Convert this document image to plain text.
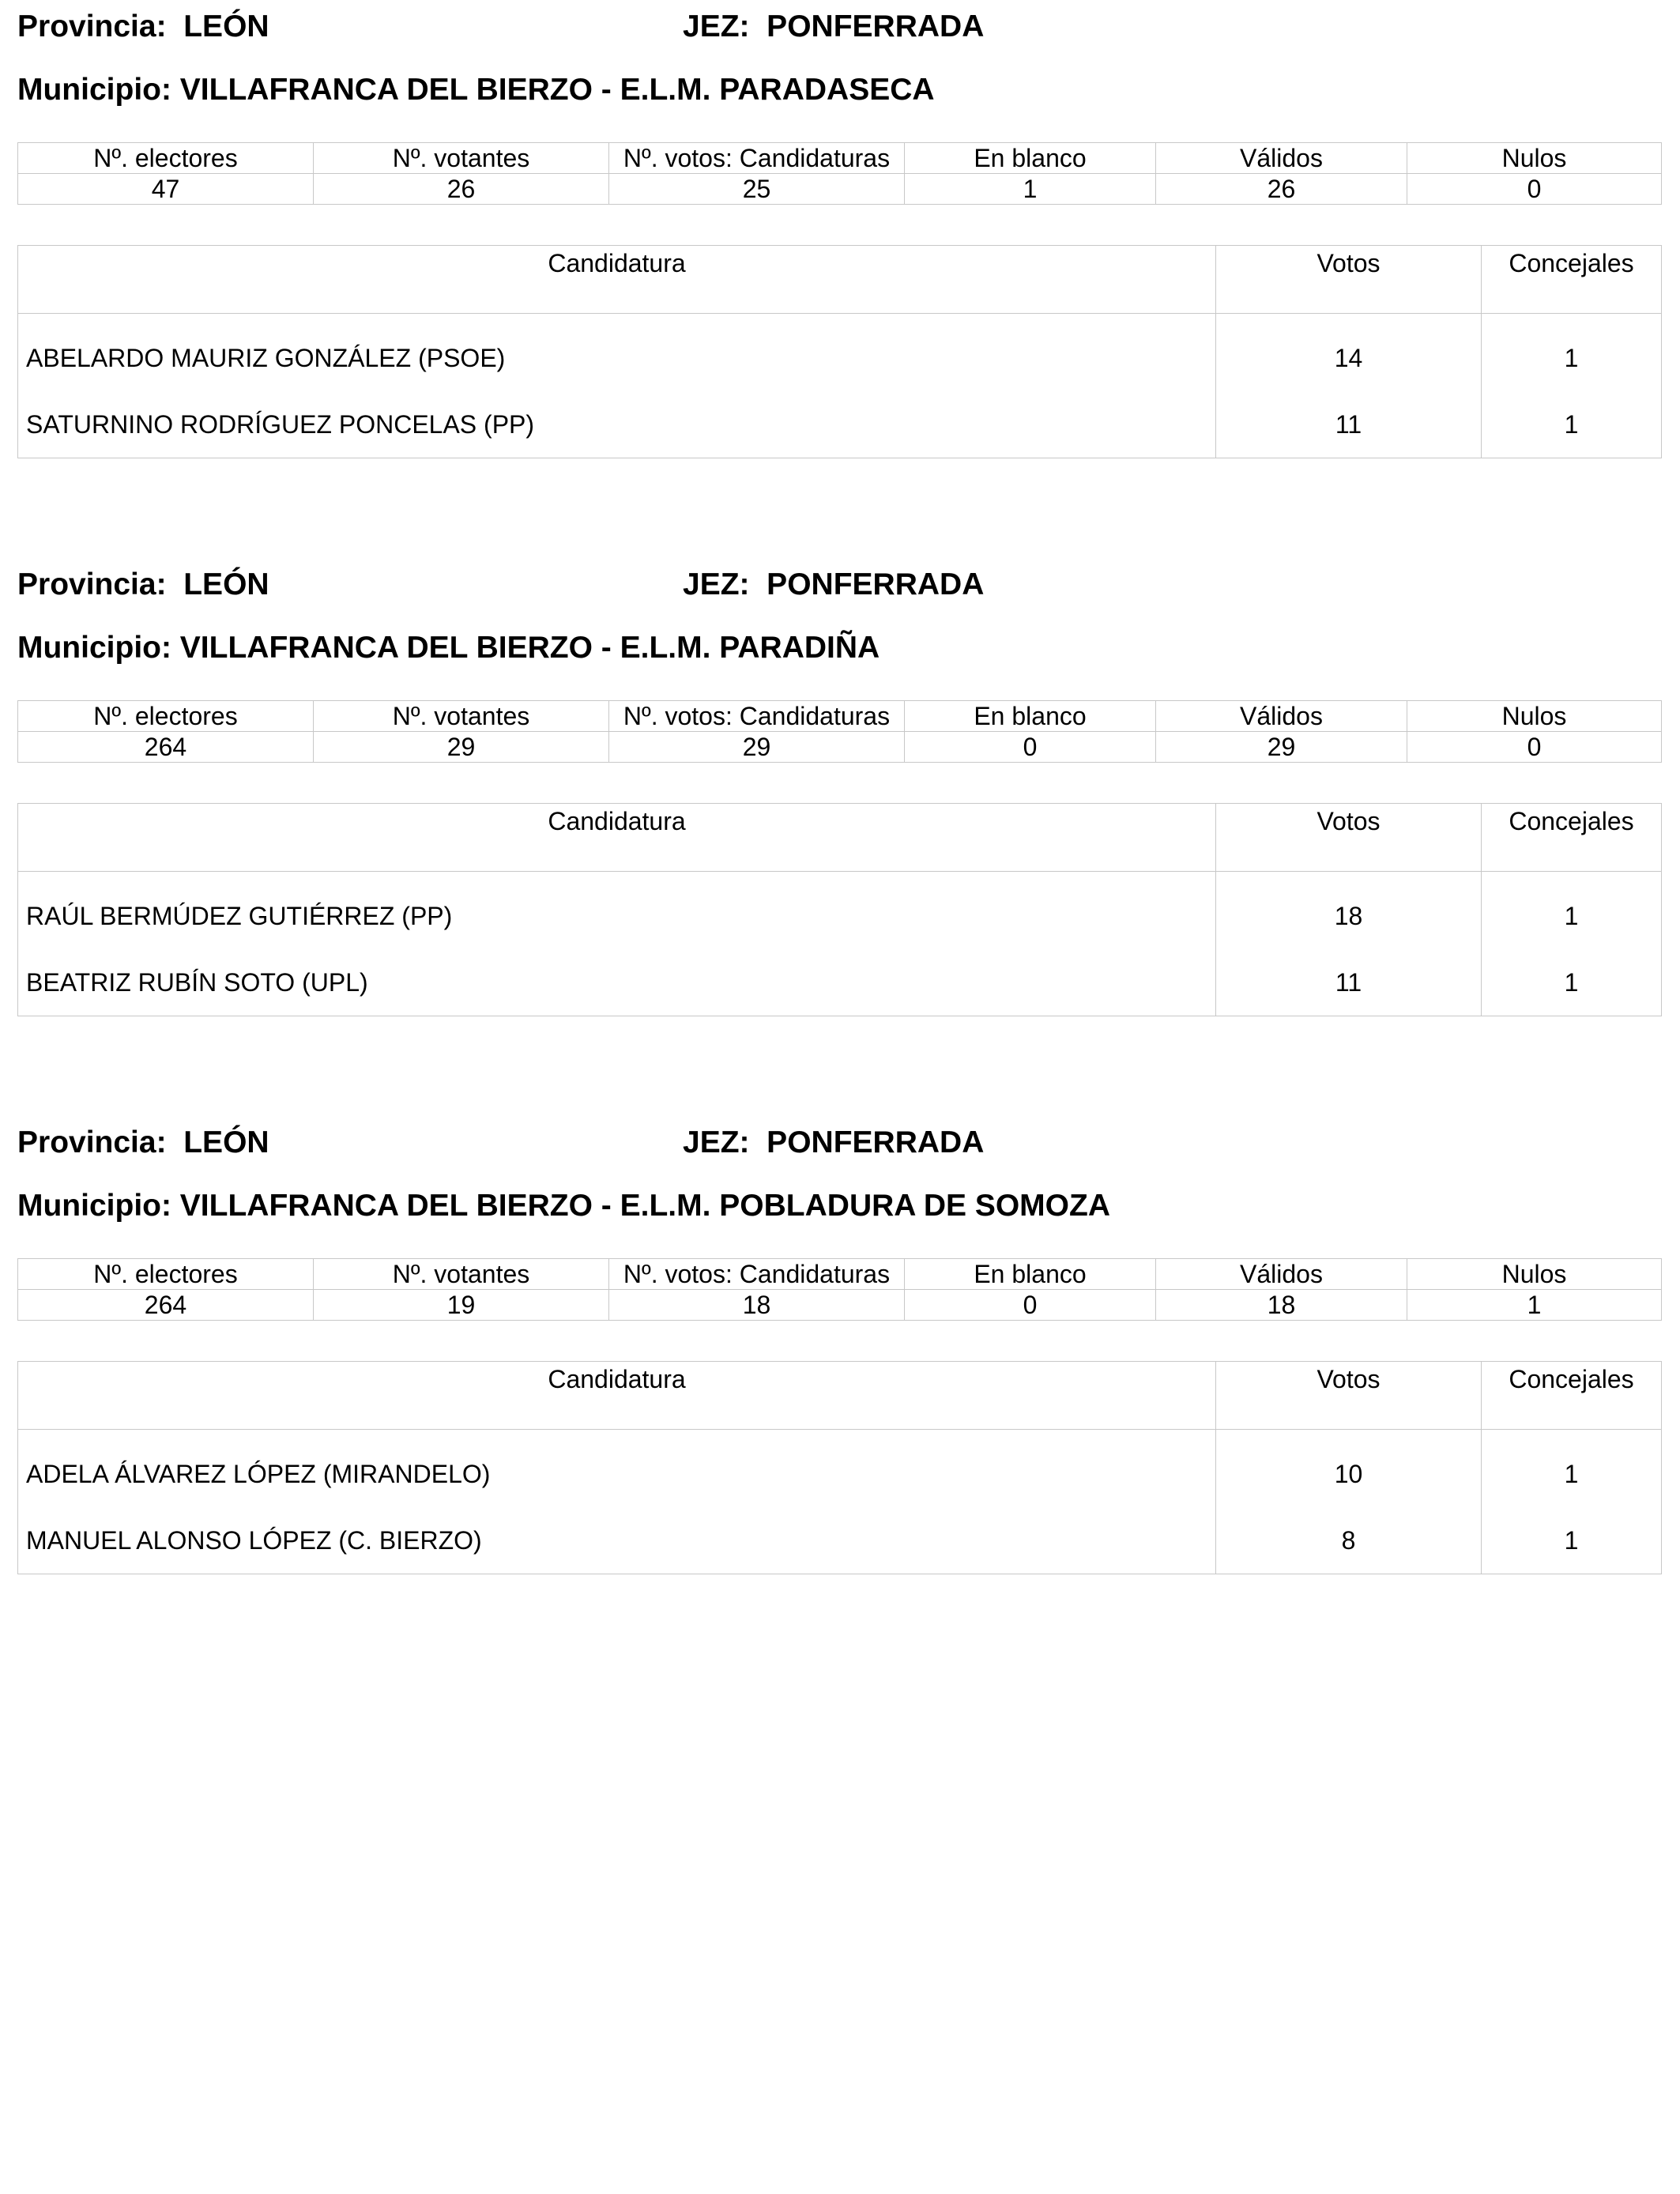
Provincia:  LEÓN	JEZ:  PONFERRADA
Municipio: VILLAFRANCA DEL BIERZO - E.L.M. PARADASECA
Nº. electores	Nº. votantes	Nº. votos: Candidaturas	En blanco	Válidos	Nulos
47	26	25	1	26	0
Candidatura	Votos	Concejales
ABELARDO MAURIZ GONZÁLEZ (PSOE)	14	1
SATURNINO RODRÍGUEZ PONCELAS (PP)	11	1
Provincia:  LEÓN	JEZ:  PONFERRADA
Municipio: VILLAFRANCA DEL BIERZO - E.L.M. PARADIÑA
Nº. electores	Nº. votantes	Nº. votos: Candidaturas	En blanco	Válidos	Nulos
264	29	29	0	29	0
Candidatura	Votos	Concejales
RAÚL BERMÚDEZ GUTIÉRREZ (PP)	18	1
BEATRIZ RUBÍN SOTO (UPL)	11	1
Provincia:  LEÓN	JEZ:  PONFERRADA
Municipio: VILLAFRANCA DEL BIERZO - E.L.M. POBLADURA DE SOMOZA
Nº. electores	Nº. votantes	Nº. votos: Candidaturas	En blanco	Válidos	Nulos
264	19	18	0	18	1
Candidatura	Votos	Concejales
ADELA ÁLVAREZ LÓPEZ (MIRANDELO)	10	1
MANUEL ALONSO LÓPEZ (C. BIERZO)	8	1
